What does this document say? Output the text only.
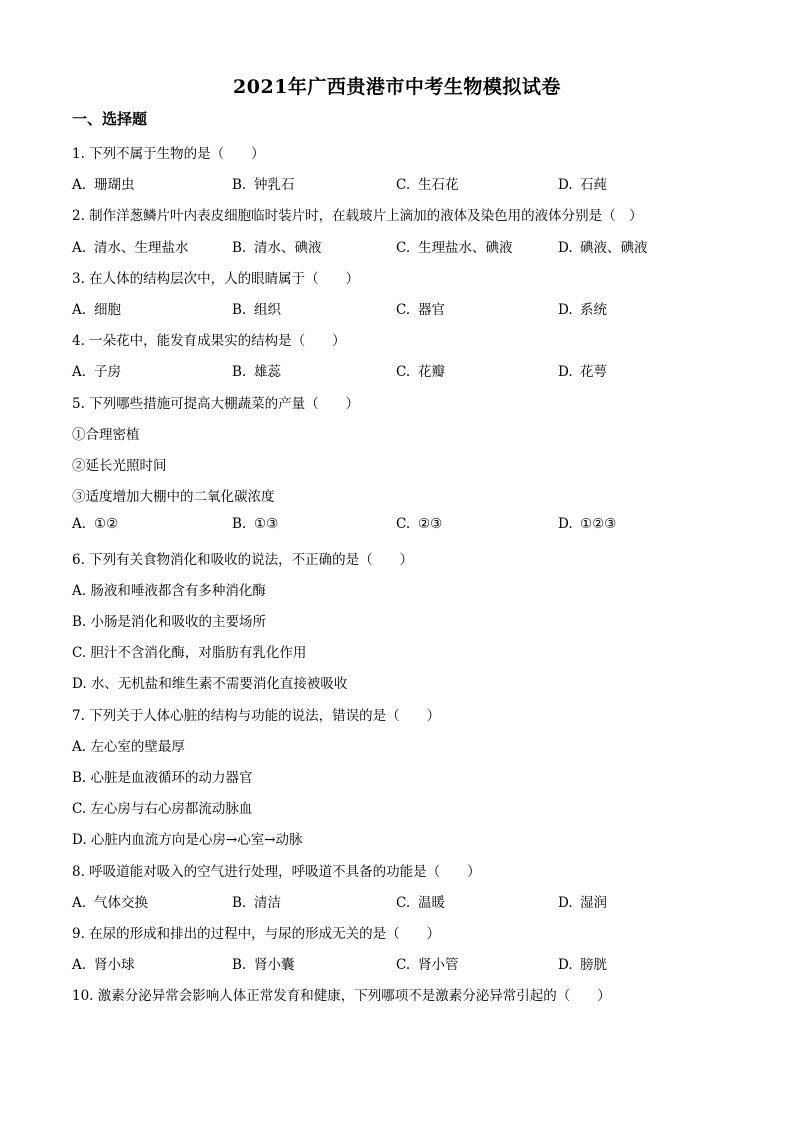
2021年广西贵港市中考生物模拟试卷
一、选择题
1. 下列不属于生物的是（　　）
A. 珊瑚虫	B. 钟乳石	C. 生石花	D. 石莼
2. 制作洋葱鳞片叶内表皮细胞临时装片时，在载玻片上滴加的液体及染色用的液体分别是（　）
A. 清水、生理盐水	B. 清水、碘液	C. 生理盐水、碘液	D. 碘液、碘液
3. 在人体的结构层次中，人的眼睛属于（　　）
A. 细胞	B. 组织	C. 器官	D. 系统
4. 一朵花中，能发育成果实的结构是（　　）
A. 子房	B. 雄蕊	C. 花瓣	D. 花萼
5. 下列哪些措施可提高大棚蔬菜的产量（　　）
①合理密植
②延长光照时间
③适度增加大棚中的二氧化碳浓度
A. ①②	B. ①③	C. ②③	D. ①②③
6. 下列有关食物消化和吸收的说法，不正确的是（　　）
A. 肠液和唾液都含有多种消化酶
B. 小肠是消化和吸收的主要场所
C. 胆汁不含消化酶，对脂肪有乳化作用
D. 水、无机盐和维生素不需要消化直接被吸收
7. 下列关于人体心脏的结构与功能的说法，错误的是（　　）
A. 左心室的壁最厚
B. 心脏是血液循环的动力器官
C. 左心房与右心房都流动脉血
D. 心脏内血流方向是心房→心室→动脉
8. 呼吸道能对吸入的空气进行处理，呼吸道不具备的功能是（　　）
A. 气体交换	B. 清洁	C. 温暖	D. 湿润
9. 在尿的形成和排出的过程中，与尿的形成无关的是（　　）
A. 肾小球	B. 肾小囊	C. 肾小管	D. 膀胱
10. 激素分泌异常会影响人体正常发育和健康，下列哪项不是激素分泌异常引起的（　　）
